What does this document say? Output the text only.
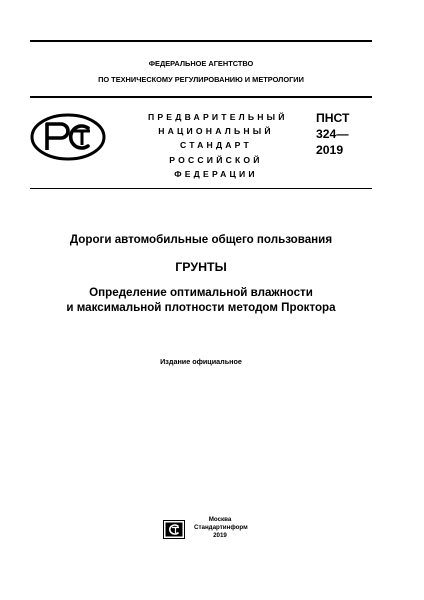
ФЕДЕРАЛЬНОЕ АГЕНТСТВО
ПО ТЕХНИЧЕСКОМУ РЕГУЛИРОВАНИЮ И МЕТРОЛОГИИ
ПРЕДВАРИТЕЛЬНЫЙ
НАЦИОНАЛЬНЫЙ
СТАНДАРТ
РОССИЙСКОЙ
ФЕДЕРАЦИИ
ПНСТ
324—
2019
Дороги автомобильные общего пользования
ГРУНТЫ
Определение оптимальной влажности
и максимальной плотности методом Проктора
Издание официальное
Москва
Стандартинформ
2019
